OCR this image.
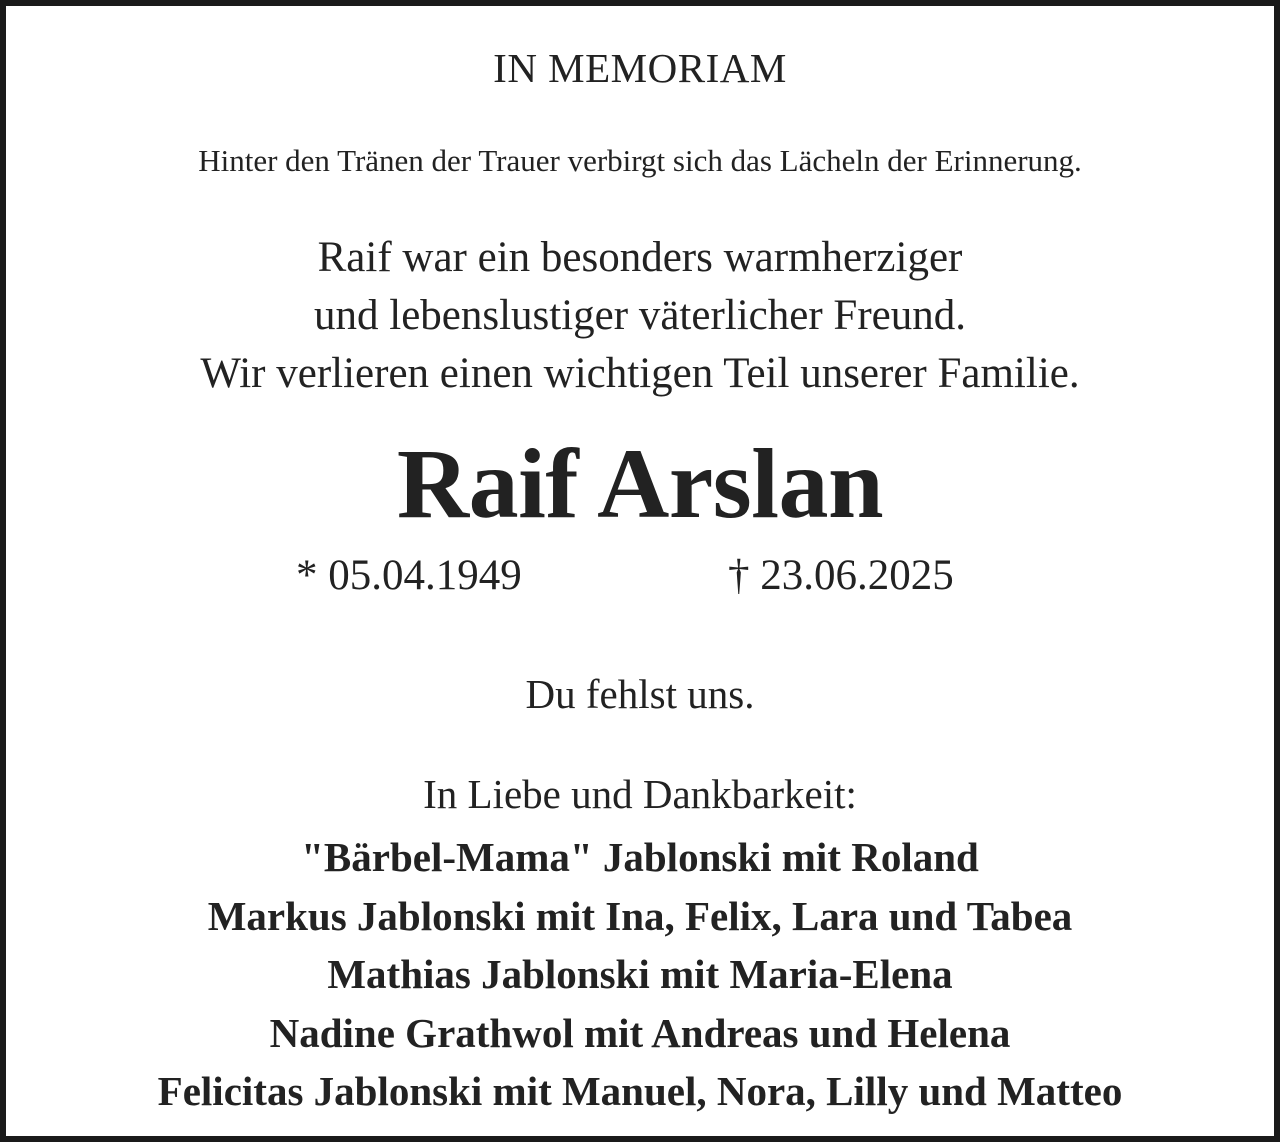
IN MEMORIAM
Hinter den Tränen der Trauer verbirgt sich das Lächeln der Erinnerung.
Raif war ein besonders warmherziger
und lebenslustiger väterlicher Freund.
Wir verlieren einen wichtigen Teil unserer Familie.
Raif Arslan
* 05.04.1949	† 23.06.2025
Du fehlst uns.
In Liebe und Dankbarkeit:
"Bärbel-Mama" Jablonski mit Roland
Markus Jablonski mit Ina, Felix, Lara und Tabea
Mathias Jablonski mit Maria-Elena
Nadine Grathwol mit Andreas und Helena
Felicitas Jablonski mit Manuel, Nora, Lilly und Matteo
